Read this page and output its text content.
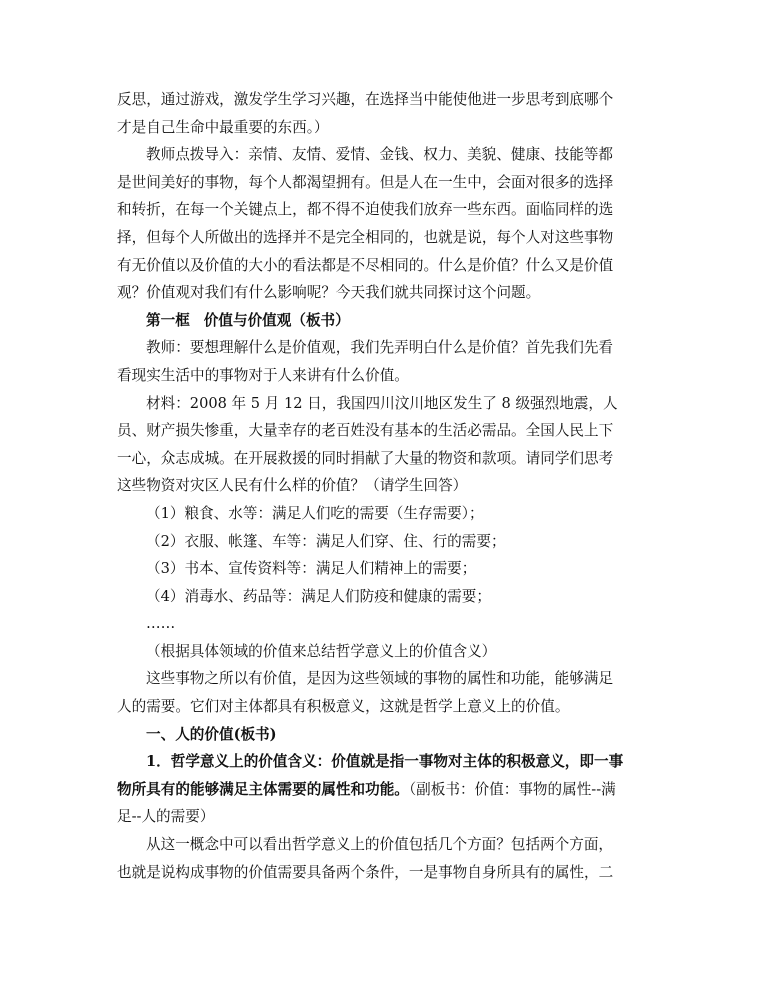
反思，通过游戏，激发学生学习兴趣，在选择当中能使他进一步思考到底哪个
才是自己生命中最重要的东西。）
教师点拨导入：亲情、友情、爱情、金钱、权力、美貌、健康、技能等都
是世间美好的事物，每个人都渴望拥有。但是人在一生中，会面对很多的选择
和转折，在每一个关键点上，都不得不迫使我们放弃一些东西。面临同样的选
择，但每个人所做出的选择并不是完全相同的，也就是说，每个人对这些事物
有无价值以及价值的大小的看法都是不尽相同的。什么是价值？什么又是价值
观？价值观对我们有什么影响呢？今天我们就共同探讨这个问题。
第一框 价值与价值观（板书）
教师：要想理解什么是价值观，我们先弄明白什么是价值？首先我们先看
看现实生活中的事物对于人来讲有什么价值。
材料：2008 年 5 月 12 日，我国四川汶川地区发生了 8 级强烈地震，人
员、财产损失惨重，大量幸存的老百姓没有基本的生活必需品。全国人民上下
一心，众志成城。在开展救援的同时捐献了大量的物资和款项。请同学们思考
这些物资对灾区人民有什么样的价值？（请学生回答）
（1）粮食、水等：满足人们吃的需要（生存需要）；
（2）衣服、帐篷、车等：满足人们穿、住、行的需要；
（3）书本、宣传资料等：满足人们精神上的需要；
（4）消毒水、药品等：满足人们防疫和健康的需要；
……
（根据具体领域的价值来总结哲学意义上的价值含义）
这些事物之所以有价值，是因为这些领域的事物的属性和功能，能够满足
人的需要。它们对主体都具有积极意义，这就是哲学上意义上的价值。
一、人的价值(板书)
1．哲学意义上的价值含义：价值就是指一事物对主体的积极意义，即一事
物所具有的能够满足主体需要的属性和功能。（副板书：价值：事物的属性--满
足--人的需要）
从这一概念中可以看出哲学意义上的价值包括几个方面？包括两个方面，
也就是说构成事物的价值需要具备两个条件，一是事物自身所具有的属性，二
